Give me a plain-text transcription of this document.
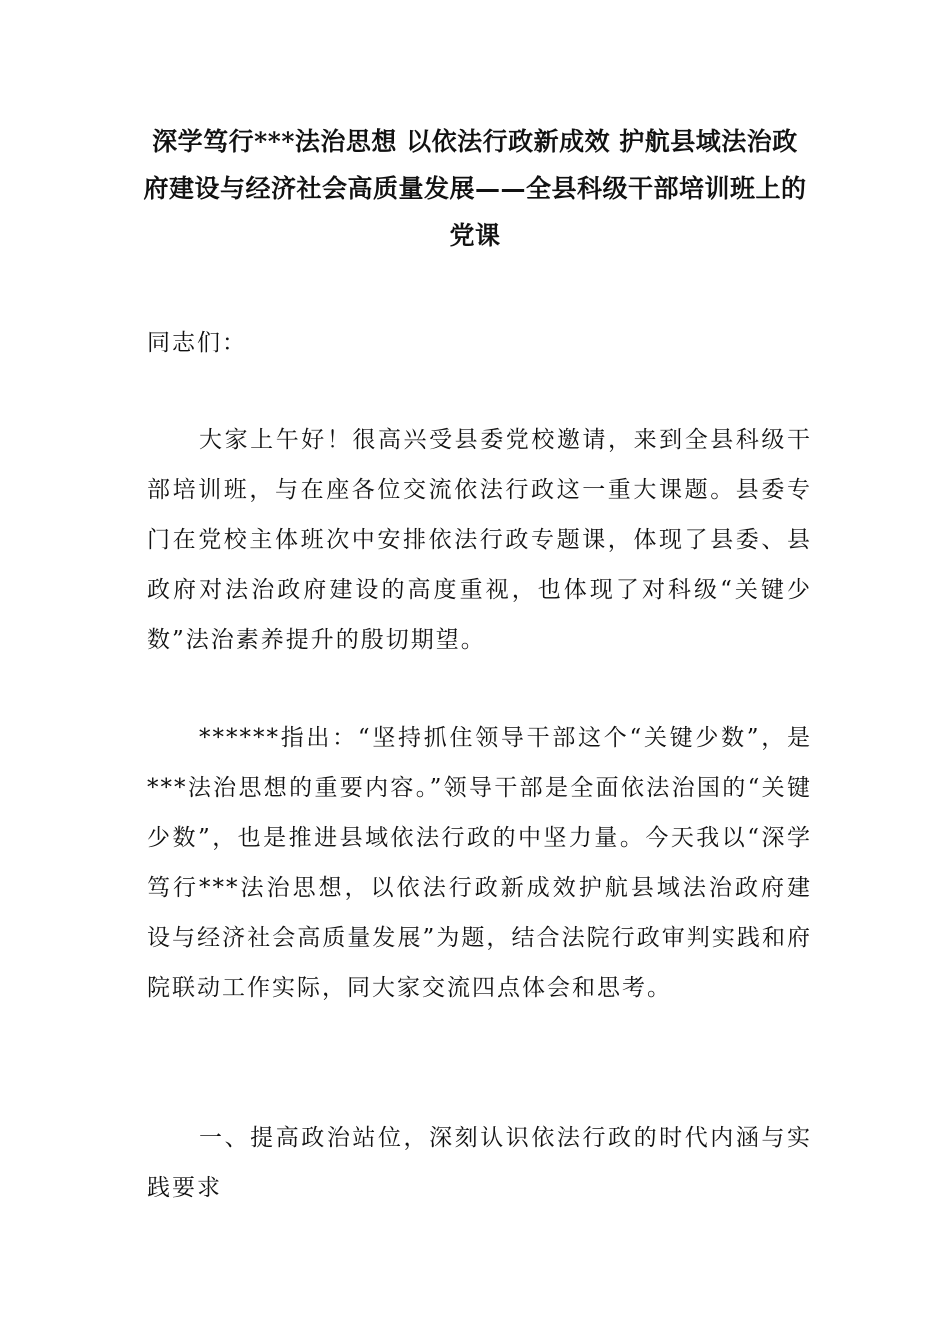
深学笃行***法治思想 以依法行政新成效 护航县域法治政府建设与经济社会高质量发展——全县科级干部培训班上的党课

同志们：

大家上午好！很高兴受县委党校邀请，来到全县科级干部培训班，与在座各位交流依法行政这一重大课题。县委专门在党校主体班次中安排依法行政专题课，体现了县委、县政府对法治政府建设的高度重视，也体现了对科级“关键少数”法治素养提升的殷切期望。

******指出：“坚持抓住领导干部这个“关键少数”，是***法治思想的重要内容。”领导干部是全面依法治国的“关键少数”，也是推进县域依法行政的中坚力量。今天我以“深学笃行***法治思想，以依法行政新成效护航县域法治政府建设与经济社会高质量发展”为题，结合法院行政审判实践和府院联动工作实际，同大家交流四点体会和思考。

一、提高政治站位，深刻认识依法行政的时代内涵与实践要求
